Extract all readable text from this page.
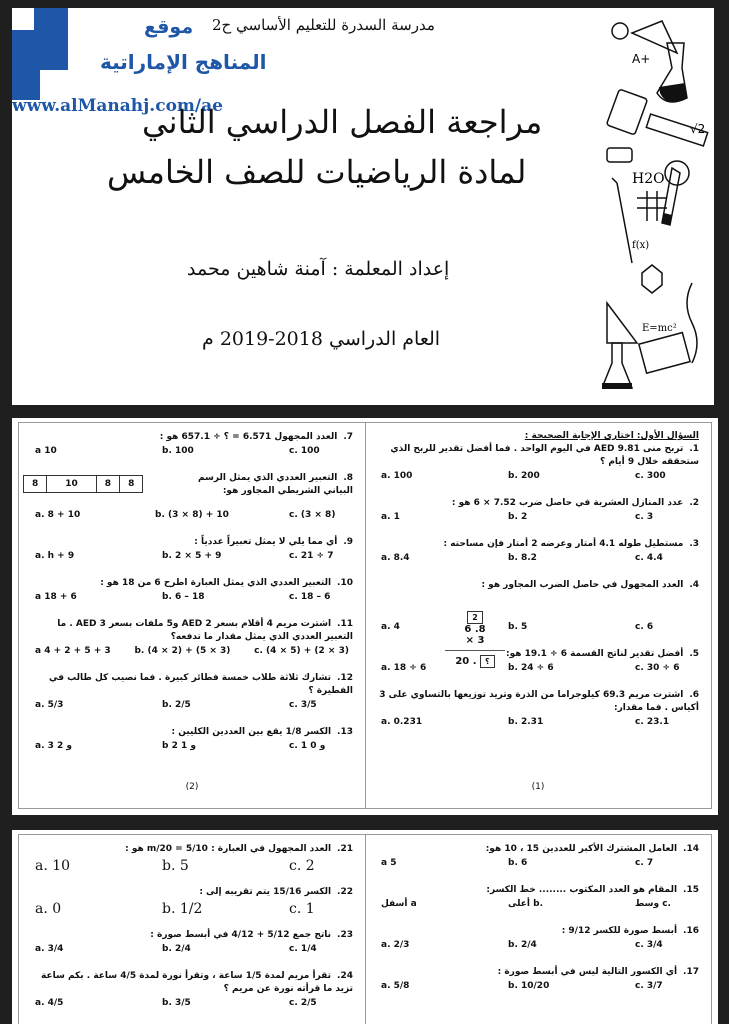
موقع
المناهج الإماراتية
www.alManahj.com/ae
مدرسة السدرة للتعليم الأساسي ح2
مراجعة الفصل الدراسي الثاني
لمادة الرياضيات للصف الخامس
إعداد المعلمة : آمنة شاهين محمد
العام الدراسي 2018-2019 م
A+
√2
H2O
f(x)
E=mc²
السؤال الأول: اختاري الإجابة الصحيحة :
1.تربح منى AED 9.81 في اليوم الواحد . فما أفضل تقدير للربح الذي ستحققه خلال 9 أيام ؟
a. 100	b. 200	c. 300
2.عدد المنازل العشرية في حاصل ضرب 7.52 × 6 هو :
a. 1	b. 2	c. 3
3.مستطيل طوله 4.1 أمتار وعرضه 2 أمتار فإن مساحته :
a. 8.4	b. 8.2	c. 4.4
4.العدد المجهول في حاصل الضرب المجاور هو :
a. 4	b. 5	c. 6
2
6 .8
× 3
20 . ؟
5.أفضل تقدير لناتج القسمة 6 ÷ 19.1 هو:
a. 18 ÷ 6	b. 24 ÷ 6	c. 30 ÷ 6
6.اشترت مريم 69.3 كيلوجراما من الذرة وتريد توزيعها بالتساوي على 3 أكياس . فما مقدار:
a. 0.231	b. 2.31	c. 23.1
(1)
7.العدد المجهول 6.571 = ؟ ÷ 657.1 هو :
a 10	b. 100	c. 100
8	10	8	8
8.التعبير العددي الذي يمثل الرسم البياني الشريطي المجاور هو:
a. 8 + 10	b. (3 × 8) + 10	c. (3 × 8)
9.أي مما يلي لا يمثل تعبيراً عددياً :
a. h + 9	b. 2 × 5 + 9	c. 21 ÷ 7
10.التعبير العددي الذي يمثل العبارة اطرح 6 من 18 هو :
a 18 + 6	b. 6 – 18	c. 18 – 6
11.اشترت مريم 4 أقلام بسعر AED 2 و5 ملفات بسعر AED 3 . ما التعبير العددي الذي يمثل مقدار ما تدفعه؟
a 4 + 2 + 5 + 3	b. (4 × 2) + (5 × 3)	c. (4 × 5) + (2 × 3)
12.تشارك ثلاثة طلاب خمسة فطائر كبيرة . فما نصيب كل طالب في الفطيرة ؟
a. 5/3	b. 2/5	c. 3/5
13.الكسر 1/8 يقع بين العددين الكليين :
a. 3 و 2	b 2 و 1	c. 1 و 0
(2)
14.العامل المشترك الأكبر للعددين 15 ، 10 هو:
a 5	b. 6	c. 7
15.المقام هو العدد المكتوب ........ خط الكسر:
أسفل a	أعلى b.	وسط c.
16.أبسط صورة للكسر 9/12 :
a. 2/3	b. 2/4	c. 3/4
17.أي الكسور التالية ليس في أبسط صورة :
a. 5/8	b. 10/20	c. 3/7
21.العدد المجهول في العبارة : 5/10 = m/20 هو :
a. 10	b. 5	c. 2
22.الكسر 15/16 يتم تقريبه إلى :
a. 0	b. 1/2	c. 1
23.ناتج جمع 5/12 + 4/12 في أبسط صورة :
a. 3/4	b. 2/4	c. 1/4
24.تقرأ مريم لمدة 1/5 ساعة ، وتقرأ نورة لمدة 4/5 ساعة . بكم ساعة تزيد ما قرأته نورة عن مريم ؟
a. 4/5	b. 3/5	c. 2/5
